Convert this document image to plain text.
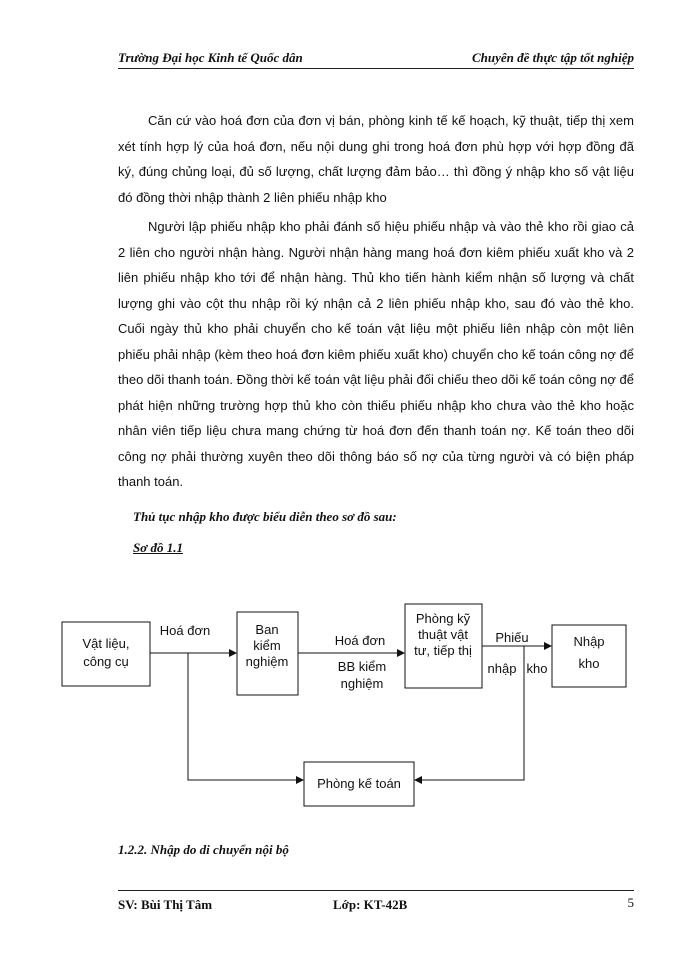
Trường Đại học Kinh tế Quốc dân	Chuyên đề thực tập tốt nghiệp

Căn cứ vào hoá đơn của đơn vị bán, phòng kinh tế kế hoạch, kỹ thuật, tiếp thị xem xét tính hợp lý của hoá đơn, nếu nội dung ghi trong hoá đơn phù hợp với hợp đồng đã ký, đúng chủng loại, đủ số lượng, chất lượng đảm bảo… thì đồng ý nhập kho số vật liệu đó đồng thời nhập thành 2 liên phiếu nhập kho

Người lập phiếu nhập kho phải đánh số hiệu phiếu nhập và vào thẻ kho rồi giao cả 2 liên cho người nhận hàng. Người nhận hàng mang hoá đơn kiêm phiếu xuất kho và 2 liên phiếu nhập kho tới để nhận hàng. Thủ kho tiến hành kiểm nhận số lượng và chất lượng ghi vào cột thu nhập rồi ký nhận cả 2 liên phiếu nhập kho, sau đó vào thẻ kho. Cuối ngày thủ kho phải chuyển cho kế toán vật liệu một phiếu liên nhập còn một liên phiếu phải nhập (kèm theo hoá đơn kiêm phiếu xuất kho) chuyển cho kế toán công nợ để theo dõi thanh toán. Đồng thời kế toán vật liệu phải đối chiếu theo dõi kế toán công nợ để phát hiện những trường hợp thủ kho còn thiếu phiếu nhập kho chưa vào thẻ kho hoặc nhân viên tiếp liệu chưa mang chứng từ hoá đơn đến thanh toán nợ. Kế toán theo dõi công nợ phải thường xuyên theo dõi thông báo số nợ của từng người và có biện pháp thanh toán.

Thủ tục nhập kho được biểu diễn theo sơ đồ sau:
Sơ đồ 1.1
Vật liệu,
công cụ
Ban
kiểm
nghiệm
Phòng kỹ
thuật vật
tư, tiếp thị
Nhập
kho
Phòng kế toán
Hoá đơn
Hoá đơn
BB kiểm
nghiệm
Phiếu
nhập kho
1.2.2. Nhập do di chuyển nội bộ
SV: Bùi Thị Tâm	Lớp: KT-42B	5
